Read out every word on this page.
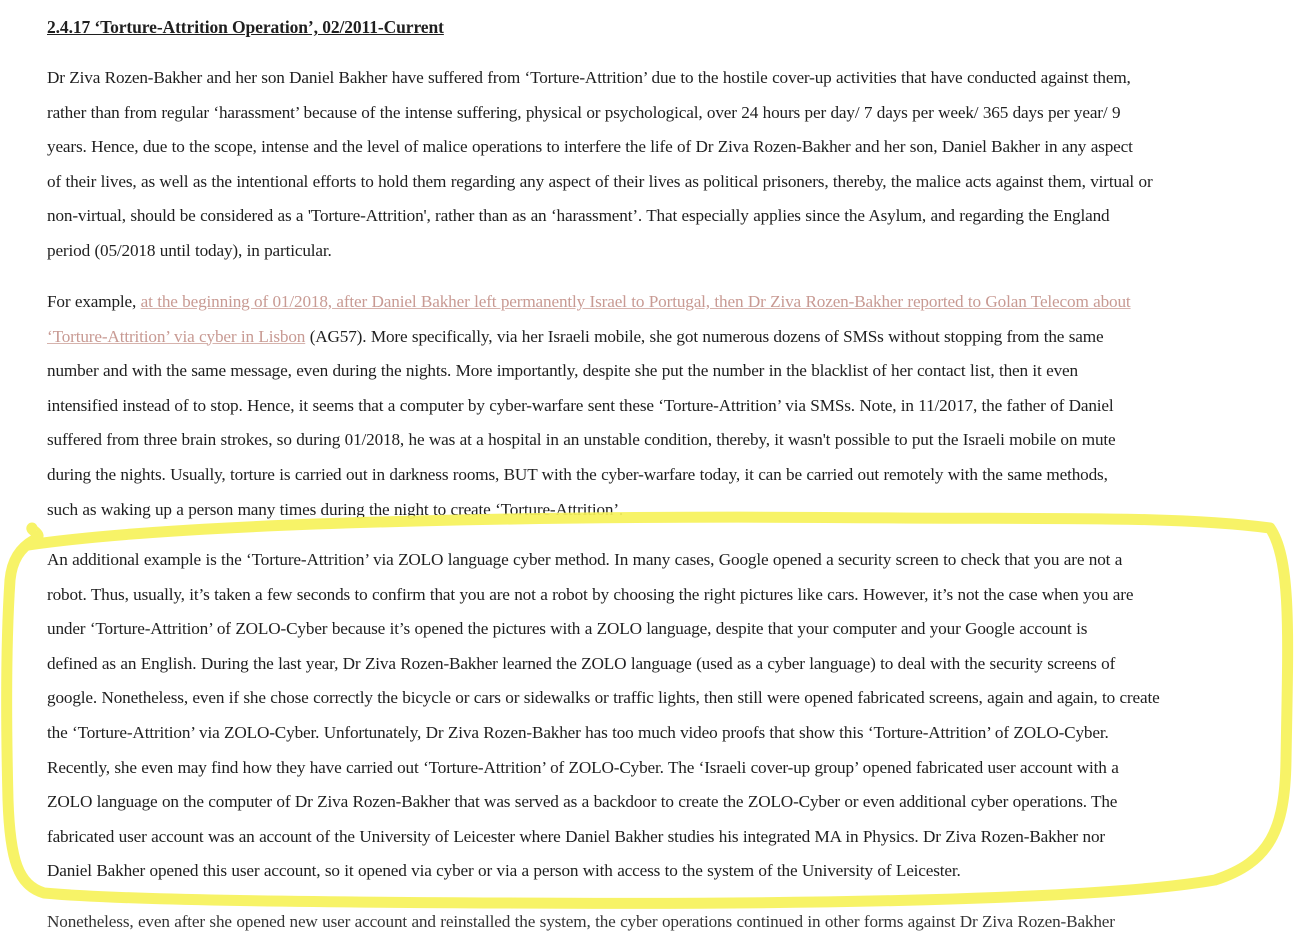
2.4.17 ‘Torture-Attrition Operation’, 02/2011-Current

Dr Ziva Rozen-Bakher and her son Daniel Bakher have suffered from ‘Torture-Attrition’ due to the hostile cover-up activities that have conducted against them,
rather than from regular ‘harassment’ because of the intense suffering, physical or psychological, over 24 hours per day/ 7 days per week/ 365 days per year/ 9
years. Hence, due to the scope, intense and the level of malice operations to interfere the life of Dr Ziva Rozen-Bakher and her son, Daniel Bakher in any aspect
of their lives, as well as the intentional efforts to hold them regarding any aspect of their lives as political prisoners, thereby, the malice acts against them, virtual or
non-virtual, should be considered as a 'Torture-Attrition', rather than as an ‘harassment’. That especially applies since the Asylum, and regarding the England
period (05/2018 until today), in particular.

For example, at the beginning of 01/2018, after Daniel Bakher left permanently Israel to Portugal, then Dr Ziva Rozen-Bakher reported to Golan Telecom about
‘Torture-Attrition’ via cyber in Lisbon (AG57). More specifically, via her Israeli mobile, she got numerous dozens of SMSs without stopping from the same
number and with the same message, even during the nights. More importantly, despite she put the number in the blacklist of her contact list, then it even
intensified instead of to stop. Hence, it seems that a computer by cyber-warfare sent these ‘Torture-Attrition’ via SMSs. Note, in 11/2017, the father of Daniel
suffered from three brain strokes, so during 01/2018, he was at a hospital in an unstable condition, thereby, it wasn't possible to put the Israeli mobile on mute
during the nights. Usually, torture is carried out in darkness rooms, BUT with the cyber-warfare today, it can be carried out remotely with the same methods,
such as waking up a person many times during the night to create ‘Torture-Attrition’.

An additional example is the ‘Torture-Attrition’ via ZOLO language cyber method. In many cases, Google opened a security screen to check that you are not a
robot. Thus, usually, it’s taken a few seconds to confirm that you are not a robot by choosing the right pictures like cars. However, it’s not the case when you are
under ‘Torture-Attrition’ of ZOLO-Cyber because it’s opened the pictures with a ZOLO language, despite that your computer and your Google account is
defined as an English. During the last year, Dr Ziva Rozen-Bakher learned the ZOLO language (used as a cyber language) to deal with the security screens of
google. Nonetheless, even if she chose correctly the bicycle or cars or sidewalks or traffic lights, then still were opened fabricated screens, again and again, to create
the ‘Torture-Attrition’ via ZOLO-Cyber. Unfortunately, Dr Ziva Rozen-Bakher has too much video proofs that show this ‘Torture-Attrition’ of ZOLO-Cyber.
Recently, she even may find how they have carried out ‘Torture-Attrition’ of ZOLO-Cyber. The ‘Israeli cover-up group’ opened fabricated user account with a
ZOLO language on the computer of Dr Ziva Rozen-Bakher that was served as a backdoor to create the ZOLO-Cyber or even additional cyber operations. The
fabricated user account was an account of the University of Leicester where Daniel Bakher studies his integrated MA in Physics. Dr Ziva Rozen-Bakher nor
Daniel Bakher opened this user account, so it opened via cyber or via a person with access to the system of the University of Leicester.

Nonetheless, even after she opened new user account and reinstalled the system, the cyber operations continued in other forms against Dr Ziva Rozen-Bakher
